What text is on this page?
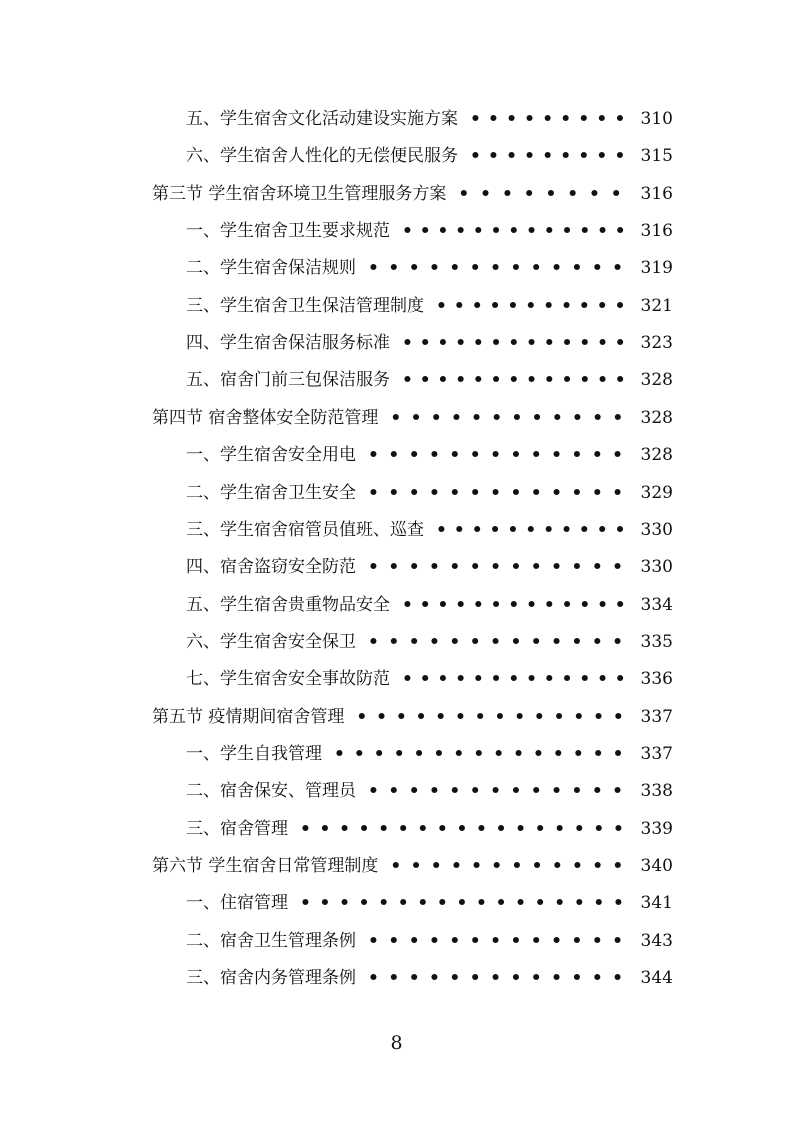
五、学生宿舍文化活动建设实施方案 ••••••••• 310
六、学生宿舍人性化的无偿便民服务 ••••••••• 315
第三节 学生宿舍环境卫生管理服务方案 •••••••• 316
一、学生宿舍卫生要求规范 ••••••••••••• 316
二、学生宿舍保洁规则 ••••••••••••• 319
三、学生宿舍卫生保洁管理制度 ••••••••••• 321
四、学生宿舍保洁服务标准 ••••••••••••• 323
五、宿舍门前三包保洁服务 ••••••••••••• 328
第四节 宿舍整体安全防范管理 •••••••••••• 328
一、学生宿舍安全用电 ••••••••••••• 328
二、学生宿舍卫生安全 ••••••••••••• 329
三、学生宿舍宿管员值班、巡查 ••••••••••• 330
四、宿舍盗窃安全防范 ••••••••••••• 330
五、学生宿舍贵重物品安全 ••••••••••••• 334
六、学生宿舍安全保卫 ••••••••••••• 335
七、学生宿舍安全事故防范 ••••••••••••• 336
第五节 疫情期间宿舍管理 •••••••••••••• 337
一、学生自我管理 ••••••••••••••• 337
二、宿舍保安、管理员 ••••••••••••• 338
三、宿舍管理 ••••••••••••••••• 339
第六节 学生宿舍日常管理制度 •••••••••••• 340
一、住宿管理 ••••••••••••••••• 341
二、宿舍卫生管理条例 ••••••••••••• 343
三、宿舍内务管理条例 ••••••••••••• 344
8
